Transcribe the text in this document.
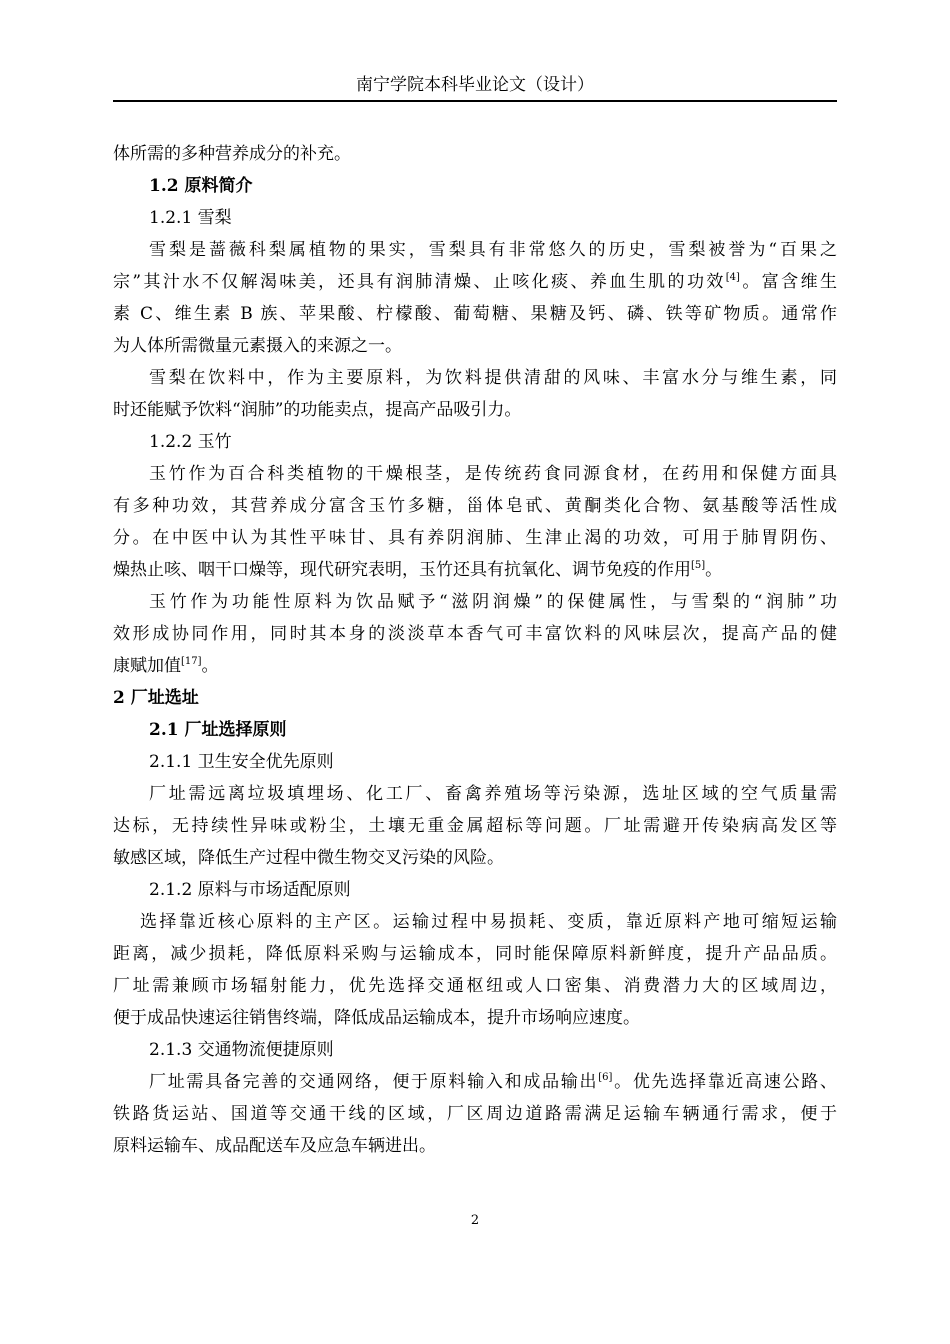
南宁学院本科毕业论文（设计）
体所需的多种营养成分的补充。
1.2 原料简介
1.2.1 雪梨
雪梨是蔷薇科梨属植物的果实，雪梨具有非常悠久的历史，雪梨被誉为“百果之
宗”其汁水不仅解渴味美，还具有润肺清燥、止咳化痰、养血生肌的功效[4]。富含维生
素 C、维生素 B 族、苹果酸、柠檬酸、葡萄糖、果糖及钙、磷、铁等矿物质。通常作
为人体所需微量元素摄入的来源之一。
雪梨在饮料中，作为主要原料，为饮料提供清甜的风味、丰富水分与维生素，同
时还能赋予饮料“润肺”的功能卖点，提高产品吸引力。
1.2.2 玉竹
玉竹作为百合科类植物的干燥根茎，是传统药食同源食材，在药用和保健方面具
有多种功效，其营养成分富含玉竹多糖，甾体皂甙、黄酮类化合物、氨基酸等活性成
分。在中医中认为其性平味甘、具有养阴润肺、生津止渴的功效，可用于肺胃阴伤、
燥热止咳、咽干口燥等，现代研究表明，玉竹还具有抗氧化、调节免疫的作用[5]。
玉竹作为功能性原料为饮品赋予“滋阴润燥”的保健属性，与雪梨的“润肺”功
效形成协同作用，同时其本身的淡淡草本香气可丰富饮料的风味层次，提高产品的健
康赋加值[17]。
2 厂址选址
2.1 厂址选择原则
2.1.1 卫生安全优先原则
厂址需远离垃圾填埋场、化工厂、畜禽养殖场等污染源，选址区域的空气质量需
达标，无持续性异味或粉尘，土壤无重金属超标等问题。厂址需避开传染病高发区等
敏感区域，降低生产过程中微生物交叉污染的风险。
2.1.2 原料与市场适配原则
选择靠近核心原料的主产区。运输过程中易损耗、变质，靠近原料产地可缩短运输
距离，减少损耗，降低原料采购与运输成本，同时能保障原料新鲜度，提升产品品质。
厂址需兼顾市场辐射能力，优先选择交通枢纽或人口密集、消费潜力大的区域周边，
便于成品快速运往销售终端，降低成品运输成本，提升市场响应速度。
2.1.3 交通物流便捷原则
厂址需具备完善的交通网络，便于原料输入和成品输出[6]。优先选择靠近高速公路、
铁路货运站、国道等交通干线的区域，厂区周边道路需满足运输车辆通行需求，便于
原料运输车、成品配送车及应急车辆进出。
2
